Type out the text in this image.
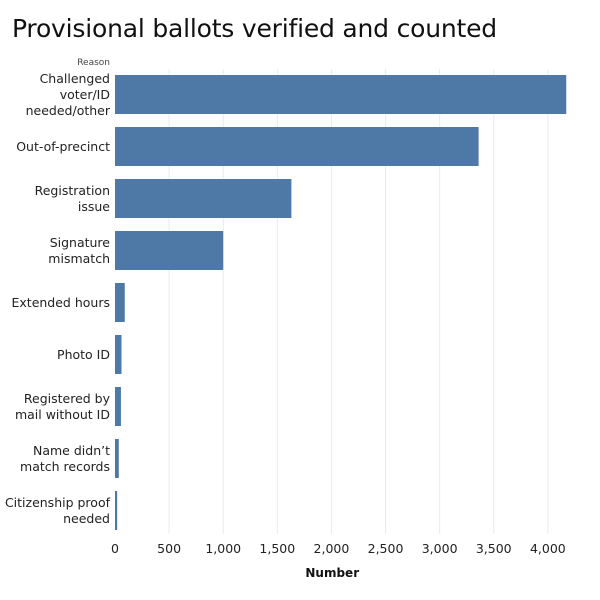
Provisional ballots verified and counted
Reason
Challenged voter/ID needed/other
Out-of-precinct
Registration issue
Signature mismatch
Extended hours
Photo ID
Registered by mail without ID
Name didn’t match records
Citizenship proof needed
0	500 1,000 1,500 2,000 2,500 3,000 3,500 4,000
Number
